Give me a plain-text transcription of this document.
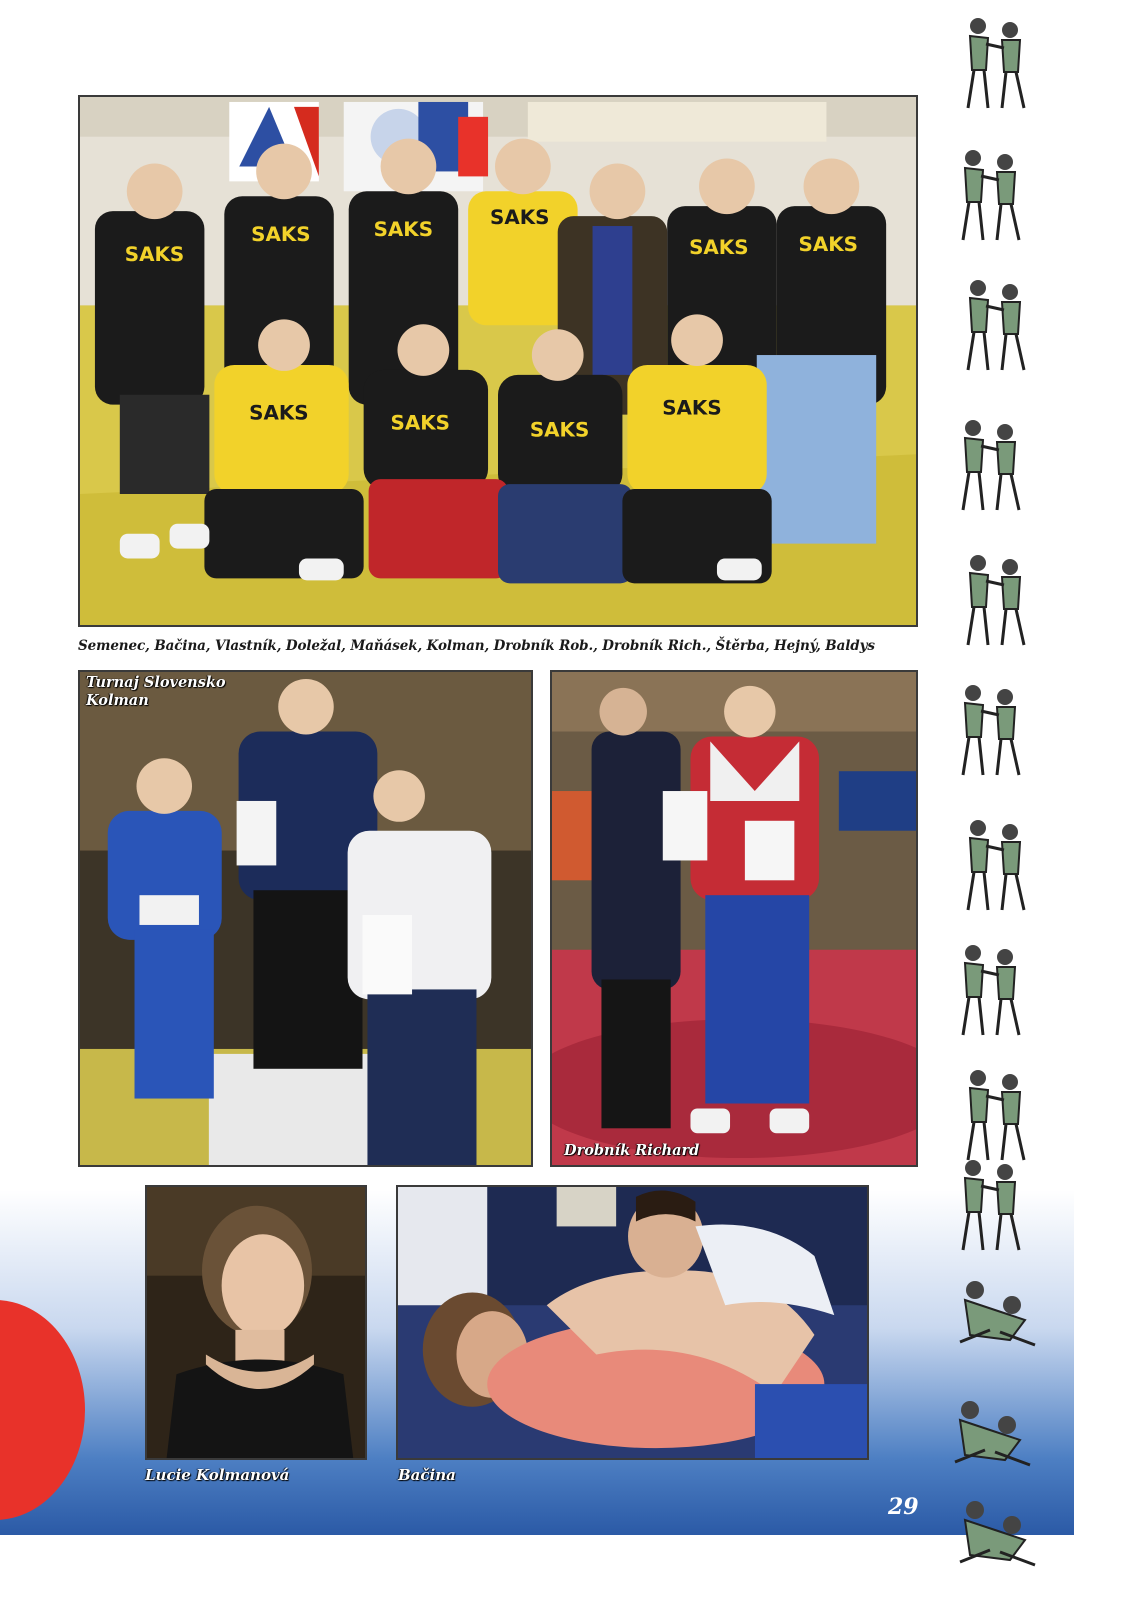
SAKS
SAKS	SAKS
SAKS
SAKS	SAKS
SAKS	SAKS	SAKS
SAKS
Semenec, Bačina, Vlastník, Doležal, Maňásek, Kolman, Drobník Rob., Drobník Rich., Štěrba, Hejný, Baldys
Turnaj Slovensko
Kolman
Drobník Richard
Lucie Kolmanová	Bačina
29
